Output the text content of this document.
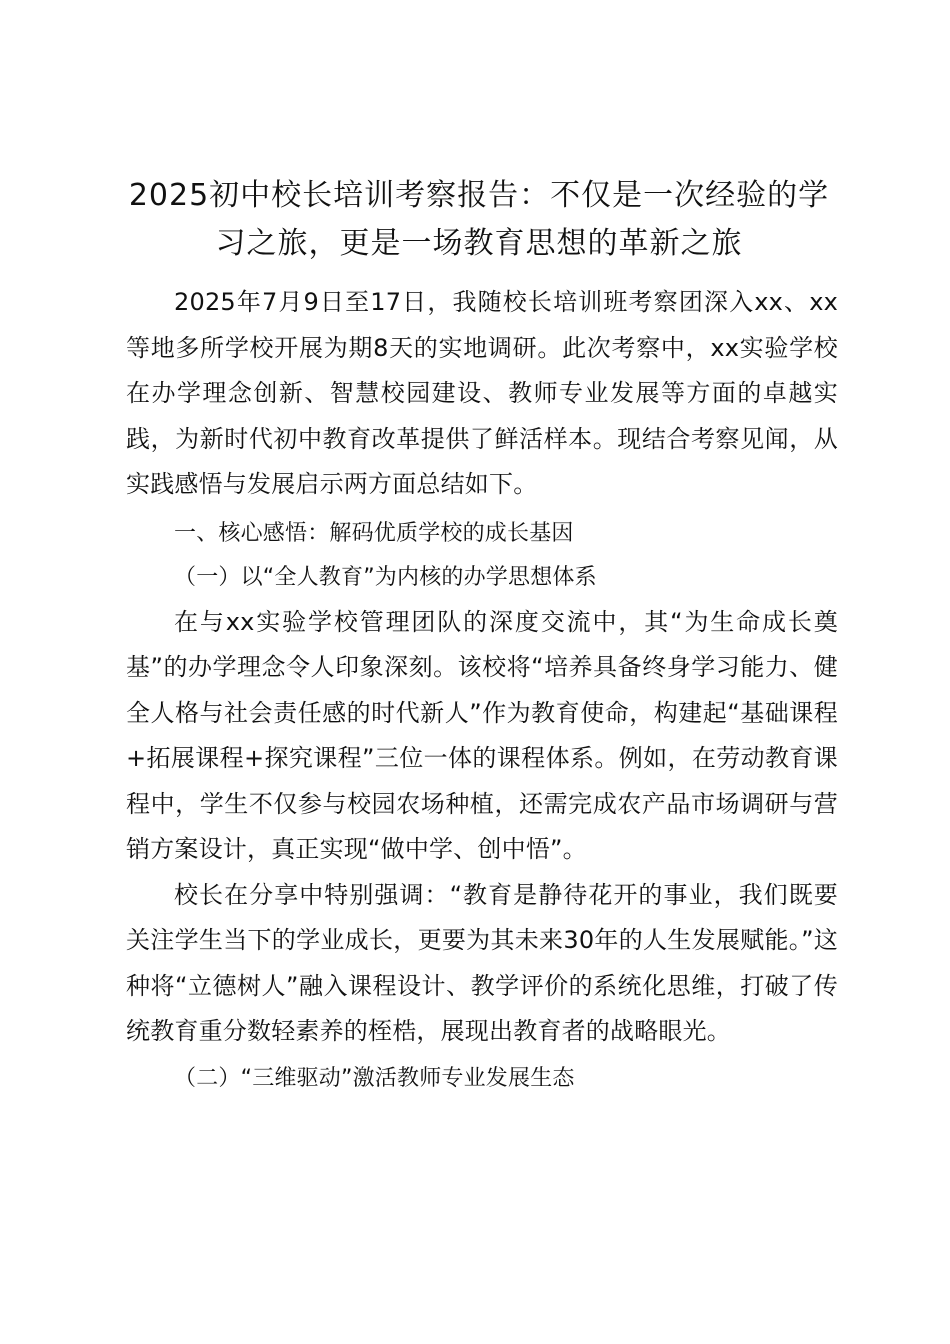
2025初中校长培训考察报告：不仅是一次经验的学习之旅，更是一场教育思想的革新之旅

2025年7月9日至17日，我随校长培训班考察团深入xx、xx等地多所学校开展为期8天的实地调研。此次考察中，xx实验学校在办学理念创新、智慧校园建设、教师专业发展等方面的卓越实践，为新时代初中教育改革提供了鲜活样本。现结合考察见闻，从实践感悟与发展启示两方面总结如下。

一、核心感悟：解码优质学校的成长基因

（一）以“全人教育”为内核的办学思想体系

在与xx实验学校管理团队的深度交流中，其“为生命成长奠基”的办学理念令人印象深刻。该校将“培养具备终身学习能力、健全人格与社会责任感的时代新人”作为教育使命，构建起“基础课程+拓展课程+探究课程”三位一体的课程体系。例如，在劳动教育课程中，学生不仅参与校园农场种植，还需完成农产品市场调研与营销方案设计，真正实现“做中学、创中悟”。

校长在分享中特别强调：“教育是静待花开的事业，我们既要关注学生当下的学业成长，更要为其未来30年的人生发展赋能。”这种将“立德树人”融入课程设计、教学评价的系统化思维，打破了传统教育重分数轻素养的桎梏，展现出教育者的战略眼光。

（二）“三维驱动”激活教师专业发展生态
